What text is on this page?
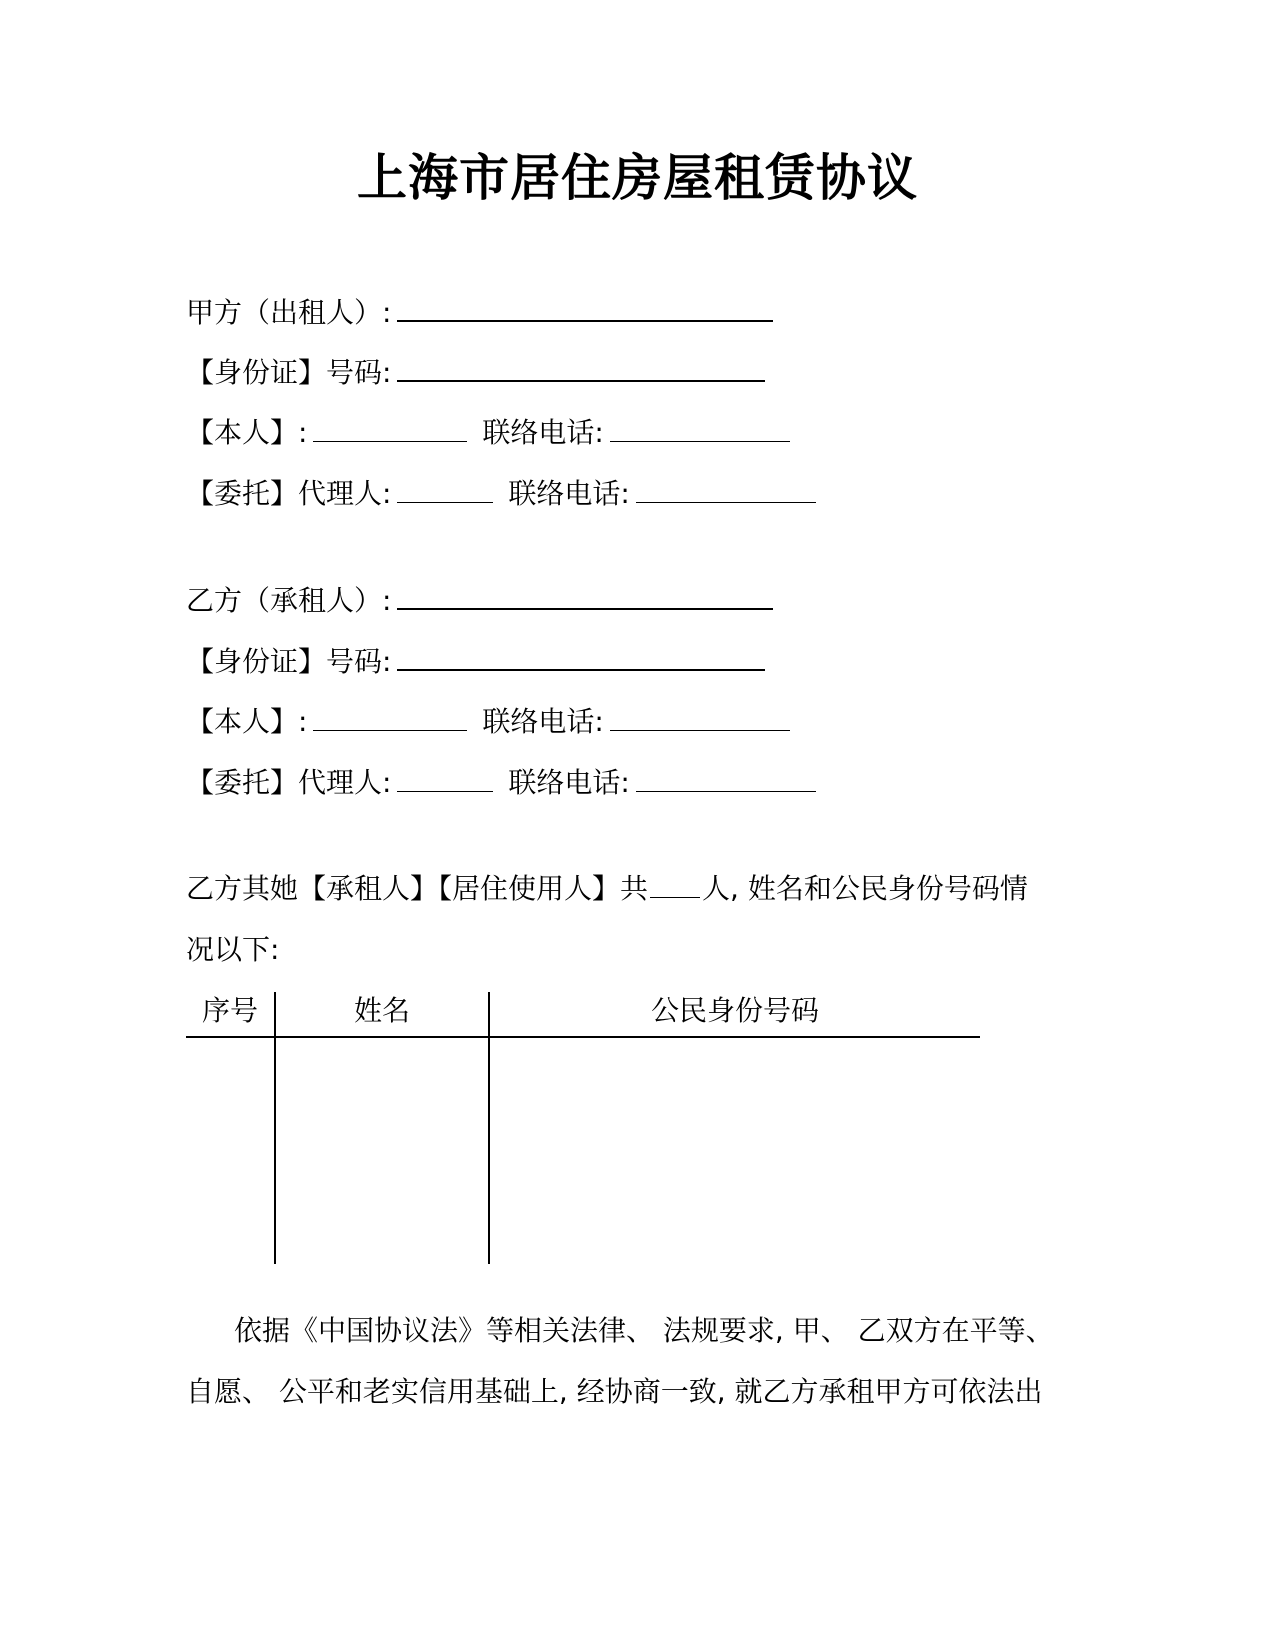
上海市居住房屋租赁协议
甲方（出租人）:
【身份证】号码:
【本人】:	联络电话:
【委托】代理人:	联络电话:
乙方（承租人）:
【身份证】号码:
【本人】:	联络电话:
【委托】代理人:	联络电话:
乙方其她【承租人】【居住使用人】共 人, 姓名和公民身份号码情
况以下:
序号	姓名	公民身份号码
依据《中国协议法》等相关法律、 法规要求, 甲、 乙双方在平等、
自愿、 公平和老实信用基础上, 经协商一致, 就乙方承租甲方可依法出
